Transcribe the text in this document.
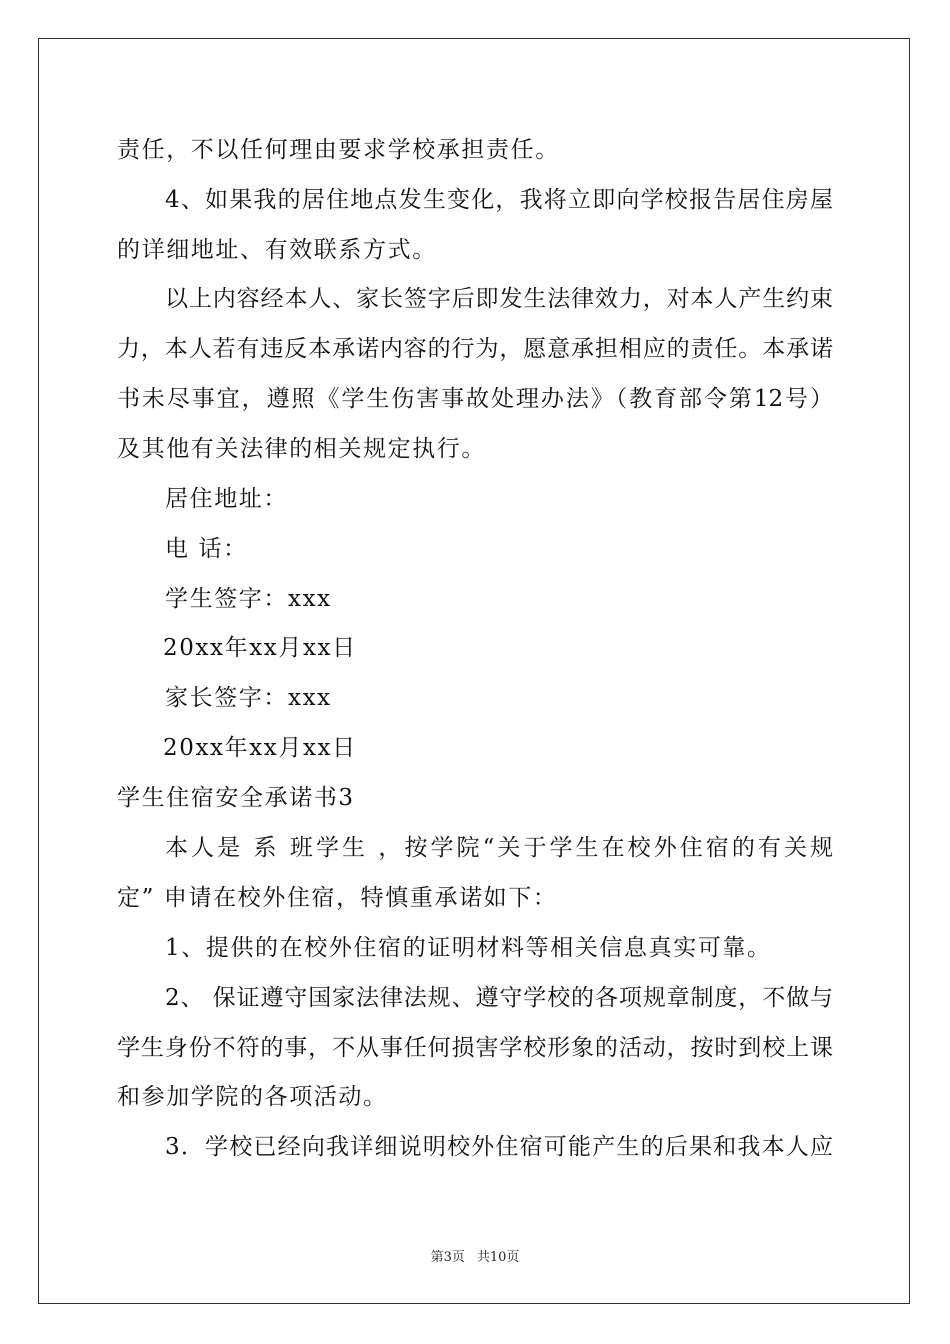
责任，不以任何理由要求学校承担责任。
4、如果我的居住地点发生变化，我将立即向学校报告居住房屋
的详细地址、有效联系方式。
以上内容经本人、家长签字后即发生法律效力，对本人产生约束
力，本人若有违反本承诺内容的行为，愿意承担相应的责任。本承诺
书未尽事宜，遵照《学生伤害事故处理办法》（教育部令第12号）
及其他有关法律的相关规定执行。
居住地址：
电 话：
学生签字：xxx
20xx年xx月xx日
家长签字：xxx
20xx年xx月xx日
学生住宿安全承诺书3
本人是 系 班学生 ，按学院“关于学生在校外住宿的有关规
定” 申请在校外住宿，特慎重承诺如下：
1、提供的在校外住宿的证明材料等相关信息真实可靠。
2、 保证遵守国家法律法规、遵守学校的各项规章制度，不做与
学生身份不符的事，不从事任何损害学校形象的活动，按时到校上课
和参加学院的各项活动。
3．学校已经向我详细说明校外住宿可能产生的后果和我本人应
第3页 共10页
